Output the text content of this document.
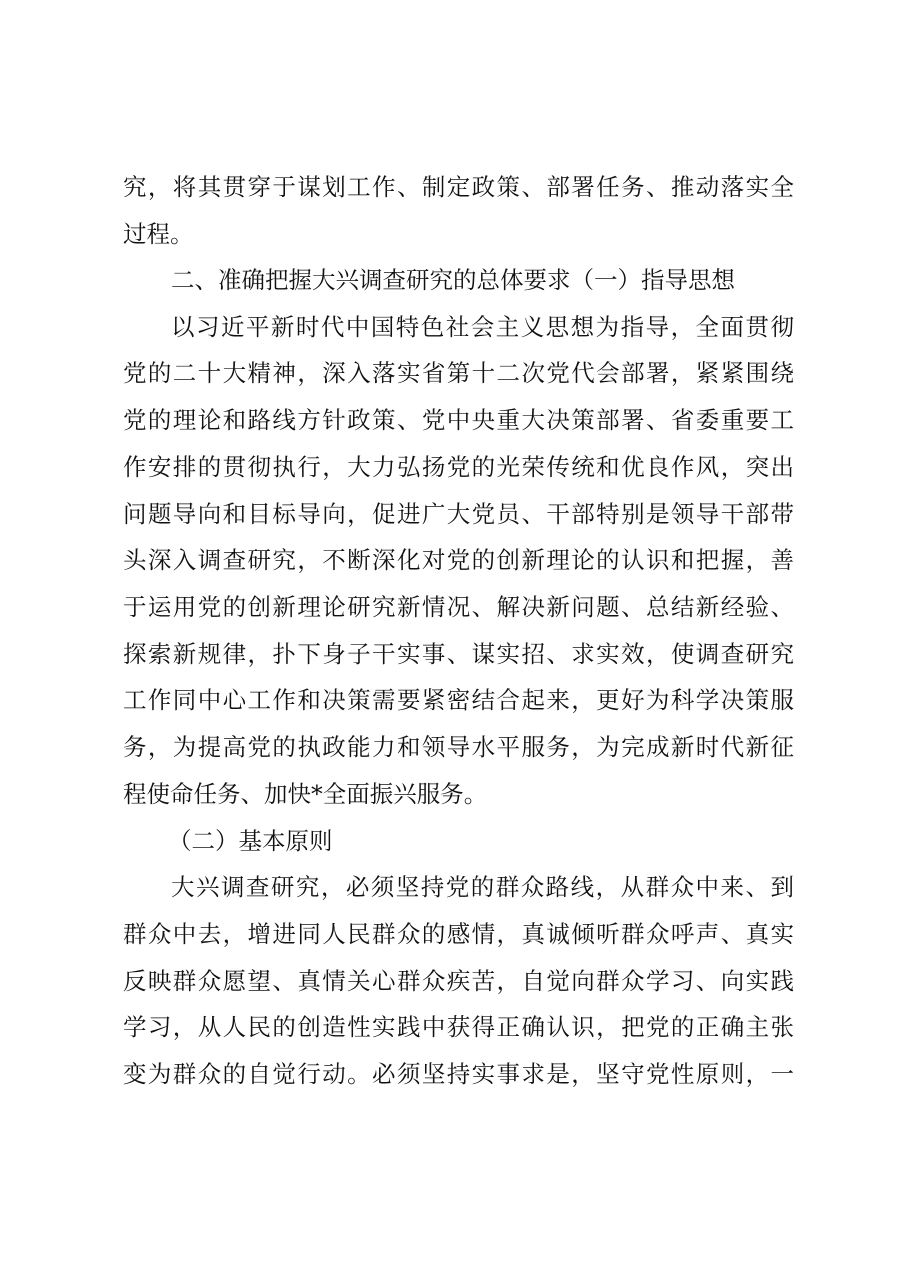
究，将其贯穿于谋划工作、制定政策、部署任务、推动落实全
过程。
二、准确把握大兴调查研究的总体要求（一）指导思想
以习近平新时代中国特色社会主义思想为指导，全面贯彻
党的二十大精神，深入落实省第十二次党代会部署，紧紧围绕
党的理论和路线方针政策、党中央重大决策部署、省委重要工
作安排的贯彻执行，大力弘扬党的光荣传统和优良作风，突出
问题导向和目标导向，促进广大党员、干部特别是领导干部带
头深入调查研究，不断深化对党的创新理论的认识和把握，善
于运用党的创新理论研究新情况、解决新问题、总结新经验、
探索新规律，扑下身子干实事、谋实招、求实效，使调查研究
工作同中心工作和决策需要紧密结合起来，更好为科学决策服
务，为提高党的执政能力和领导水平服务，为完成新时代新征
程使命任务、加快*全面振兴服务。
（二）基本原则
大兴调查研究，必须坚持党的群众路线，从群众中来、到
群众中去，增进同人民群众的感情，真诚倾听群众呼声、真实
反映群众愿望、真情关心群众疾苦，自觉向群众学习、向实践
学习，从人民的创造性实践中获得正确认识，把党的正确主张
变为群众的自觉行动。必须坚持实事求是，坚守党性原则，一
